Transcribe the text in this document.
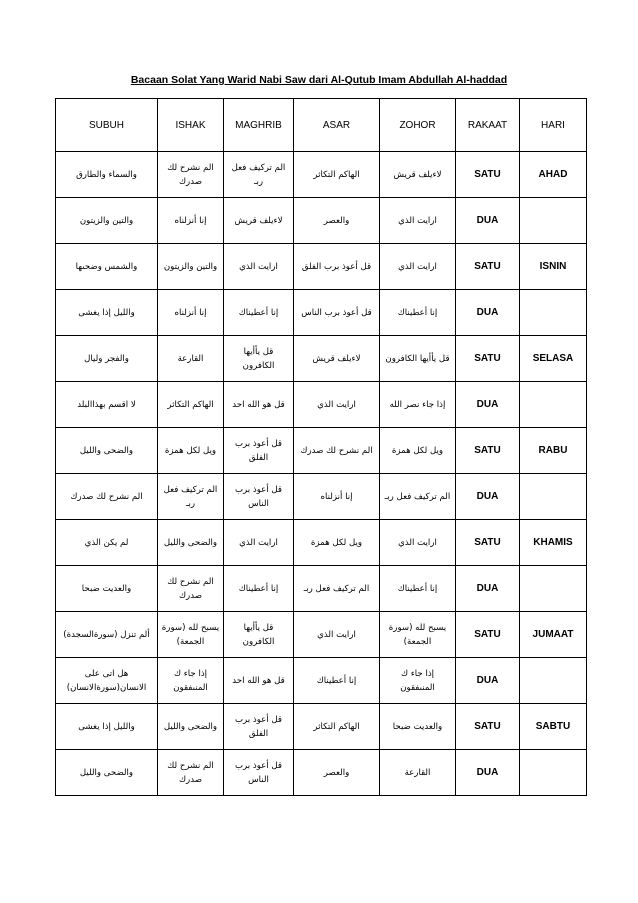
Bacaan Solat Yang Warid Nabi Saw dari Al-Qutub Imam Abdullah Al-haddad
SUBUH	ISHAK	MAGHRIB	ASAR	ZOHOR	RAKAAT	HARI
والسماء والطارق	الم نشرح لك صدرك	الم تركيف فعل ربـ	الهاكم التكاثر	لاءيلف قريش	SATU	AHAD
والتين والزيتون	إنا أنزلناه	لاءيلف قريش	والعصر	ارايت الذي	DUA	
والشمس وضحىها	والتين والزيتون	ارايت الذي	قل أعوذ برب الفلق	ارايت الذي	SATU	ISNIN
والليل إذا يغشى	إنا أنزلناه	إنا أعطيناك	قل أعوذ برب الناس	إنا أعطيناك	DUA	
والفجر وليال	القارعة	قل يأأيها الكافرون	لاءيلف قريش	قل يأأيها الكافرون	SATU	SELASA
لا اقسم بهذاالبلد	الهاكم التكاثر	قل هو الله احد	ارايت الذي	إذا جاء نصر الله	DUA	
والضحى والليل	ويل لكل همزة	قل أعوذ برب الفلق	الم نشرح لك صدرك	ويل لكل همزة	SATU	RABU
الم نشرح لك صدرك	الم تركيف فعل ربـ	قل أعوذ برب الناس	إنا أنزلناه	الم تركيف فعل ربـ	DUA	
لم يكن الذي	والضحى والليل	ارايت الذي	ويل لكل همزة	ارايت الذي	SATU	KHAMIS
والعديت ضبحا	الم نشرح لك صدرك	إنا أعطيناك	الم تركيف فعل ربـ	إنا أعطيناك	DUA	
ألم تنزل (سورةالسجدة)	يسبح لله (سورة الجمعة)	قل يأأيها الكافرون	ارايت الذي	يسبح لله (سورة الجمعة)	SATU	JUMAAT
هل اتى على الانسان(سورةالانسان)	إذا جاء ك المنىفقون	قل هو الله احد	إنا أعطيناك	إذا جاء ك المنىفقون	DUA	
والليل إذا يغشى	والضحى والليل	قل أعوذ برب الفلق	الهاكم التكاثر	والعديت ضبحا	SATU	SABTU
والضحى والليل	الم نشرح لك صدرك	قل أعوذ برب الناس	والعصر	القارعة	DUA	
